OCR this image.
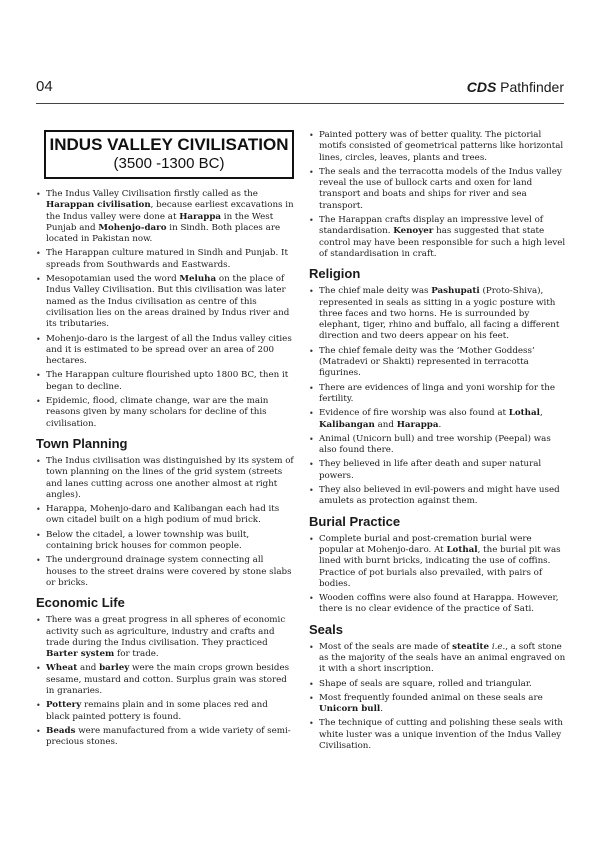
04	CDS Pathfinder
INDUS VALLEY CIVILISATION
(3500 -1300 BC)
• The Indus Valley Civilisation firstly called as the Harappan civilisation, because earliest excavations in the Indus valley were done at Harappa in the West Punjab and Mohenjo-daro in Sindh. Both places are located in Pakistan now.
• The Harappan culture matured in Sindh and Punjab. It spreads from Southwards and Eastwards.
• Mesopotamian used the word Meluha on the place of Indus Valley Civilisation. But this civilisation was later named as the Indus civilisation as centre of this civilisation lies on the areas drained by Indus river and its tributaries.
• Mohenjo-daro is the largest of all the Indus valley cities and it is estimated to be spread over an area of 200 hectares.
• The Harappan culture flourished upto 1800 BC, then it began to decline.
• Epidemic, flood, climate change, war are the main reasons given by many scholars for decline of this civilisation.
Town Planning
• The Indus civilisation was distinguished by its system of town planning on the lines of the grid system (streets and lanes cutting across one another almost at right angles).
• Harappa, Mohenjo-daro and Kalibangan each had its own citadel built on a high podium of mud brick.
• Below the citadel, a lower township was built, containing brick houses for common people.
• The underground drainage system connecting all houses to the street drains were covered by stone slabs or bricks.
Economic Life
• There was a great progress in all spheres of economic activity such as agriculture, industry and crafts and trade during the Indus civilisation. They practiced Barter system for trade.
• Wheat and barley were the main crops grown besides sesame, mustard and cotton. Surplus grain was stored in granaries.
• Pottery remains plain and in some places red and black painted pottery is found.
• Beads were manufactured from a wide variety of semi-precious stones.
• Painted pottery was of better quality. The pictorial motifs consisted of geometrical patterns like horizontal lines, circles, leaves, plants and trees.
• The seals and the terracotta models of the Indus valley reveal the use of bullock carts and oxen for land transport and boats and ships for river and sea transport.
• The Harappan crafts display an impressive level of standardisation. Kenoyer has suggested that state control may have been responsible for such a high level of standardisation in craft.
Religion
• The chief male deity was Pashupati (Proto-Shiva), represented in seals as sitting in a yogic posture with three faces and two horns. He is surrounded by elephant, tiger, rhino and buffalo, all facing a different direction and two deers appear on his feet.
• The chief female deity was the ‘Mother Goddess’ (Matradevi or Shakti) represented in terracotta figurines.
• There are evidences of linga and yoni worship for the fertility.
• Evidence of fire worship was also found at Lothal, Kalibangan and Harappa.
• Animal (Unicorn bull) and tree worship (Peepal) was also found there.
• They believed in life after death and super natural powers.
• They also believed in evil-powers and might have used amulets as protection against them.
Burial Practice
• Complete burial and post-cremation burial were popular at Mohenjo-daro. At Lothal, the burial pit was lined with burnt bricks, indicating the use of coffins. Practice of pot burials also prevailed, with pairs of bodies.
• Wooden coffins were also found at Harappa. However, there is no clear evidence of the practice of Sati.
Seals
• Most of the seals are made of steatite i.e., a soft stone as the majority of the seals have an animal engraved on it with a short inscription.
• Shape of seals are square, rolled and triangular.
• Most frequently founded animal on these seals are Unicorn bull.
• The technique of cutting and polishing these seals with white luster was a unique invention of the Indus Valley Civilisation.
